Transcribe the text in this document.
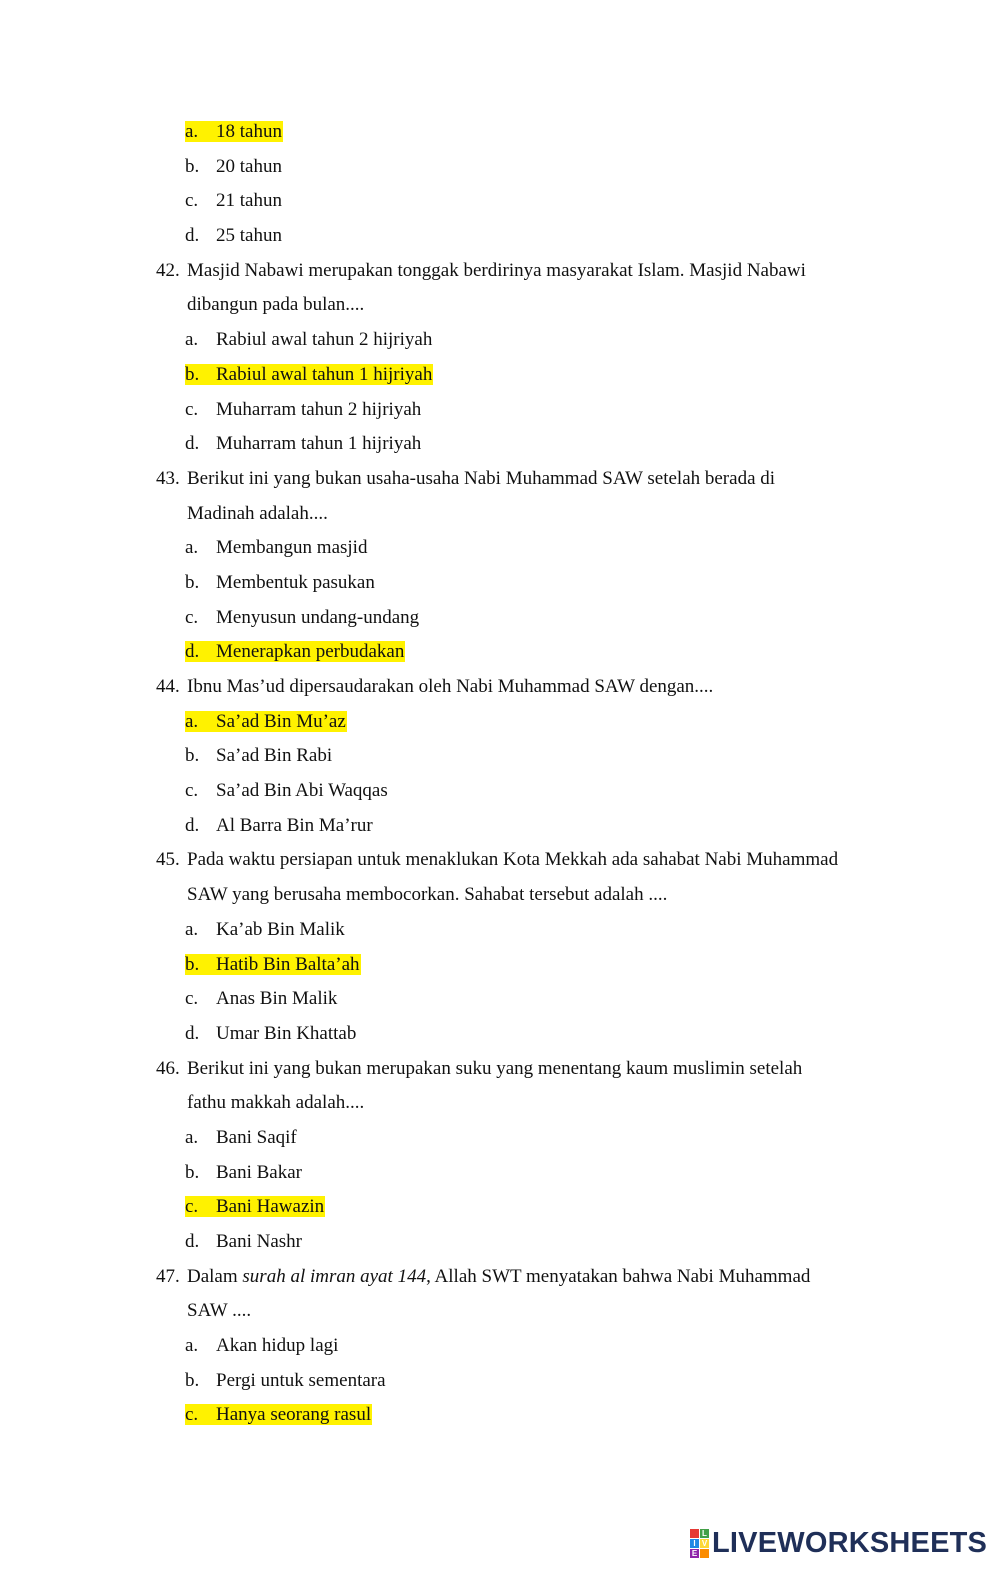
a. 18 tahun
b. 20 tahun
c. 21 tahun
d. 25 tahun
42. Masjid Nabawi merupakan tonggak berdirinya masyarakat Islam. Masjid Nabawi
dibangun pada bulan....
a. Rabiul awal tahun 2 hijriyah
b. Rabiul awal tahun 1 hijriyah
c. Muharram tahun 2 hijriyah
d. Muharram tahun 1 hijriyah
43. Berikut ini yang bukan usaha-usaha Nabi Muhammad SAW setelah berada di
Madinah adalah....
a. Membangun masjid
b. Membentuk pasukan
c. Menyusun undang-undang
d. Menerapkan perbudakan
44. Ibnu Mas’ud dipersaudarakan oleh Nabi Muhammad SAW dengan....
a. Sa’ad Bin Mu’az
b. Sa’ad Bin Rabi
c. Sa’ad Bin Abi Waqqas
d. Al Barra Bin Ma’rur
45. Pada waktu persiapan untuk menaklukan Kota Mekkah ada sahabat Nabi Muhammad
SAW yang berusaha membocorkan. Sahabat tersebut adalah ....
a. Ka’ab Bin Malik
b. Hatib Bin Balta’ah
c. Anas Bin Malik
d. Umar Bin Khattab
46. Berikut ini yang bukan merupakan suku yang menentang kaum muslimin setelah
fathu makkah adalah....
a. Bani Saqif
b. Bani Bakar
c. Bani Hawazin
d. Bani Nashr
47. Dalam surah al imran ayat 144, Allah SWT menyatakan bahwa Nabi Muhammad
SAW ....
a. Akan hidup lagi
b. Pergi untuk sementara
c. Hanya seorang rasul
L
I V
E LIVEWORKSHEETS
